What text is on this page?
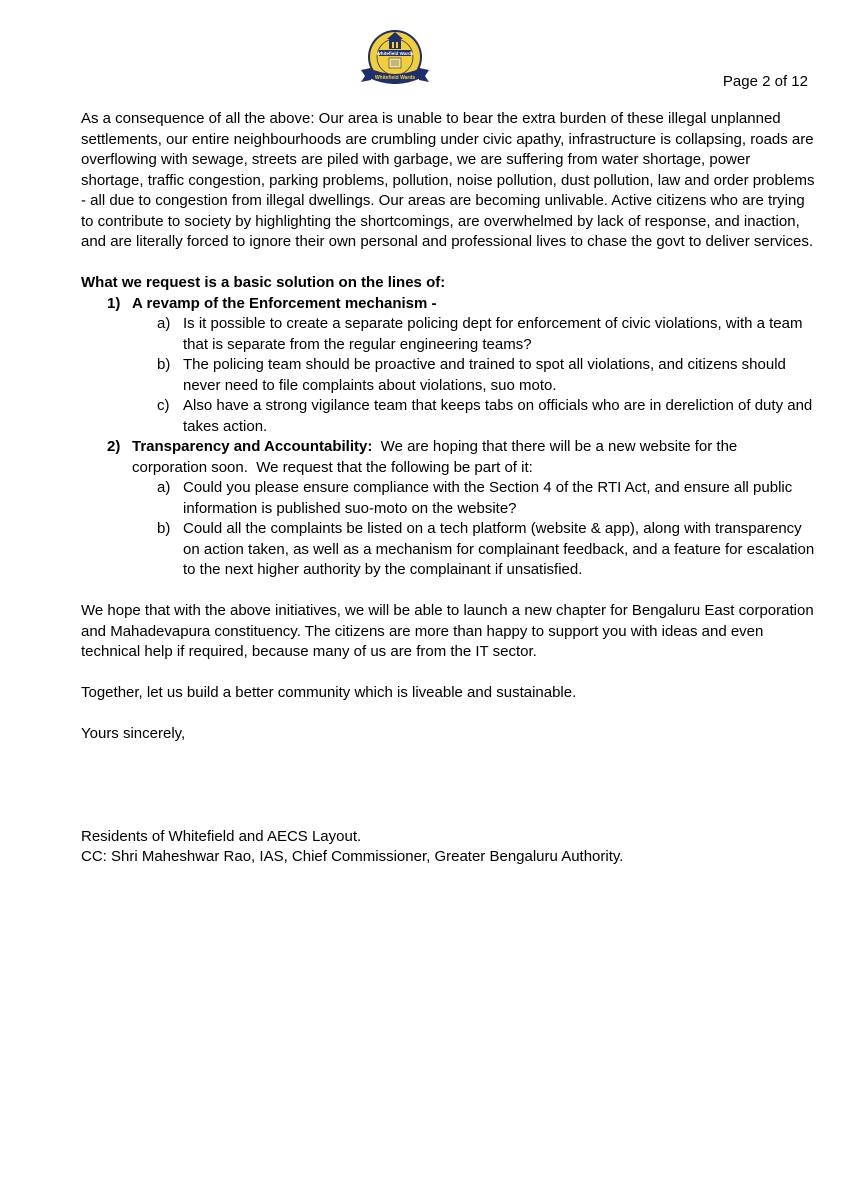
Whitefield Wards
Whitefield Wards	Page 2 of 12

As a consequence of all the above: Our area is unable to bear the extra burden of these illegal unplanned settlements, our entire neighbourhoods are crumbling under civic apathy, infrastructure is collapsing, roads are overflowing with sewage, streets are piled with garbage, we are suffering from water shortage, power shortage, traffic congestion, parking problems, pollution, noise pollution, dust pollution, law and order problems - all due to congestion from illegal dwellings. Our areas are becoming unlivable. Active citizens who are trying to contribute to society by highlighting the shortcomings, are overwhelmed by lack of response, and inaction, and are literally forced to ignore their own personal and professional lives to chase the govt to deliver services.

What we request is a basic solution on the lines of:

1) A revamp of the Enforcement mechanism -
a) Is it possible to create a separate policing dept for enforcement of civic violations, with a team that is separate from the regular engineering teams?
b) The policing team should be proactive and trained to spot all violations, and citizens should never need to file complaints about violations, suo moto.
c) Also have a strong vigilance team that keeps tabs on officials who are in dereliction of duty and takes action.
2) Transparency and Accountability:  We are hoping that there will be a new website for the corporation soon.  We request that the following be part of it:
a) Could you please ensure compliance with the Section 4 of the RTI Act, and ensure all public information is published suo-moto on the website?
b) Could all the complaints be listed on a tech platform (website & app), along with transparency on action taken, as well as a mechanism for complainant feedback, and a feature for escalation to the next higher authority by the complainant if unsatisfied.

We hope that with the above initiatives, we will be able to launch a new chapter for Bengaluru East corporation and Mahadevapura constituency. The citizens are more than happy to support you with ideas and even technical help if required, because many of us are from the IT sector.

Together, let us build a better community which is liveable and sustainable.

Yours sincerely,

Residents of Whitefield and AECS Layout.

CC: Shri Maheshwar Rao, IAS, Chief Commissioner, Greater Bengaluru Authority.
